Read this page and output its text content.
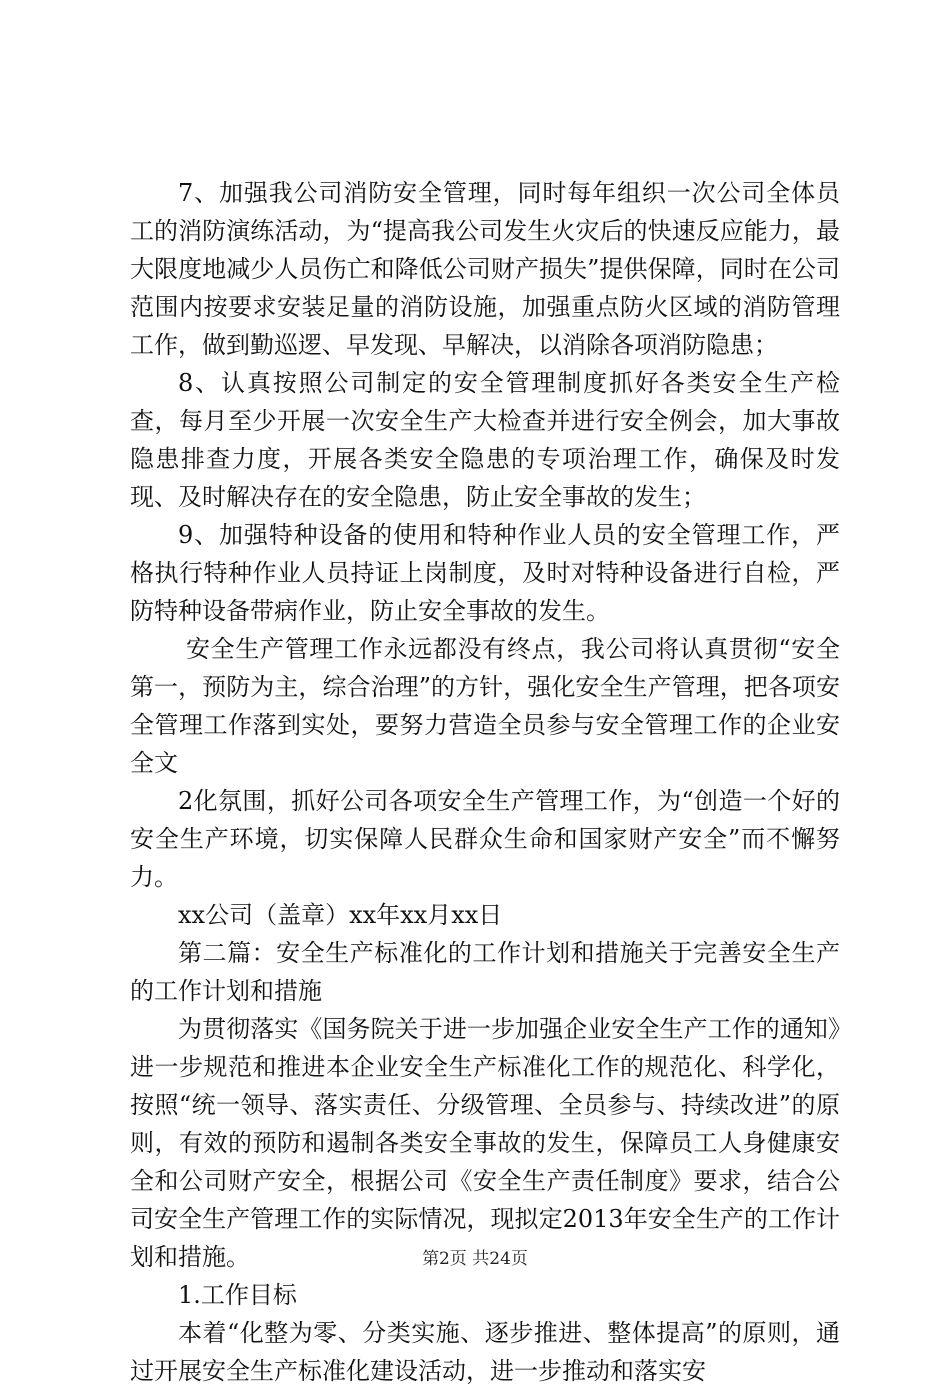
7、加强我公司消防安全管理，同时每年组织一次公司全体员工的消防演练活动，为“提高我公司发生火灾后的快速反应能力，最大限度地减少人员伤亡和降低公司财产损失”提供保障，同时在公司范围内按要求安装足量的消防设施，加强重点防火区域的消防管理工作，做到勤巡逻、早发现、早解决，以消除各项消防隐患；

8、认真按照公司制定的安全管理制度抓好各类安全生产检查，每月至少开展一次安全生产大检查并进行安全例会，加大事故隐患排查力度，开展各类安全隐患的专项治理工作，确保及时发现、及时解决存在的安全隐患，防止安全事故的发生；

9、加强特种设备的使用和特种作业人员的安全管理工作，严格执行特种作业人员持证上岗制度，及时对特种设备进行自检，严防特种设备带病作业，防止安全事故的发生。

安全生产管理工作永远都没有终点，我公司将认真贯彻“安全第一，预防为主，综合治理”的方针，强化安全生产管理，把各项安全管理工作落到实处，要努力营造全员参与安全管理工作的企业安全文

2化氛围，抓好公司各项安全生产管理工作，为“创造一个好的安全生产环境，切实保障人民群众生命和国家财产安全”而不懈努力。

xx公司（盖章）xx年xx月xx日

第二篇：安全生产标准化的工作计划和措施关于完善安全生产的工作计划和措施

为贯彻落实《国务院关于进一步加强企业安全生产工作的通知》进一步规范和推进本企业安全生产标准化工作的规范化、科学化，按照“统一领导、落实责任、分级管理、全员参与、持续改进”的原则，有效的预防和遏制各类安全事故的发生，保障员工人身健康安全和公司财产安全，根据公司《安全生产责任制度》要求，结合公司安全生产管理工作的实际情况，现拟定2013年安全生产的工作计划和措施。

1.工作目标

本着“化整为零、分类实施、逐步推进、整体提高”的原则，通过开展安全生产标准化建设活动，进一步推动和落实安

第2页 共24页
